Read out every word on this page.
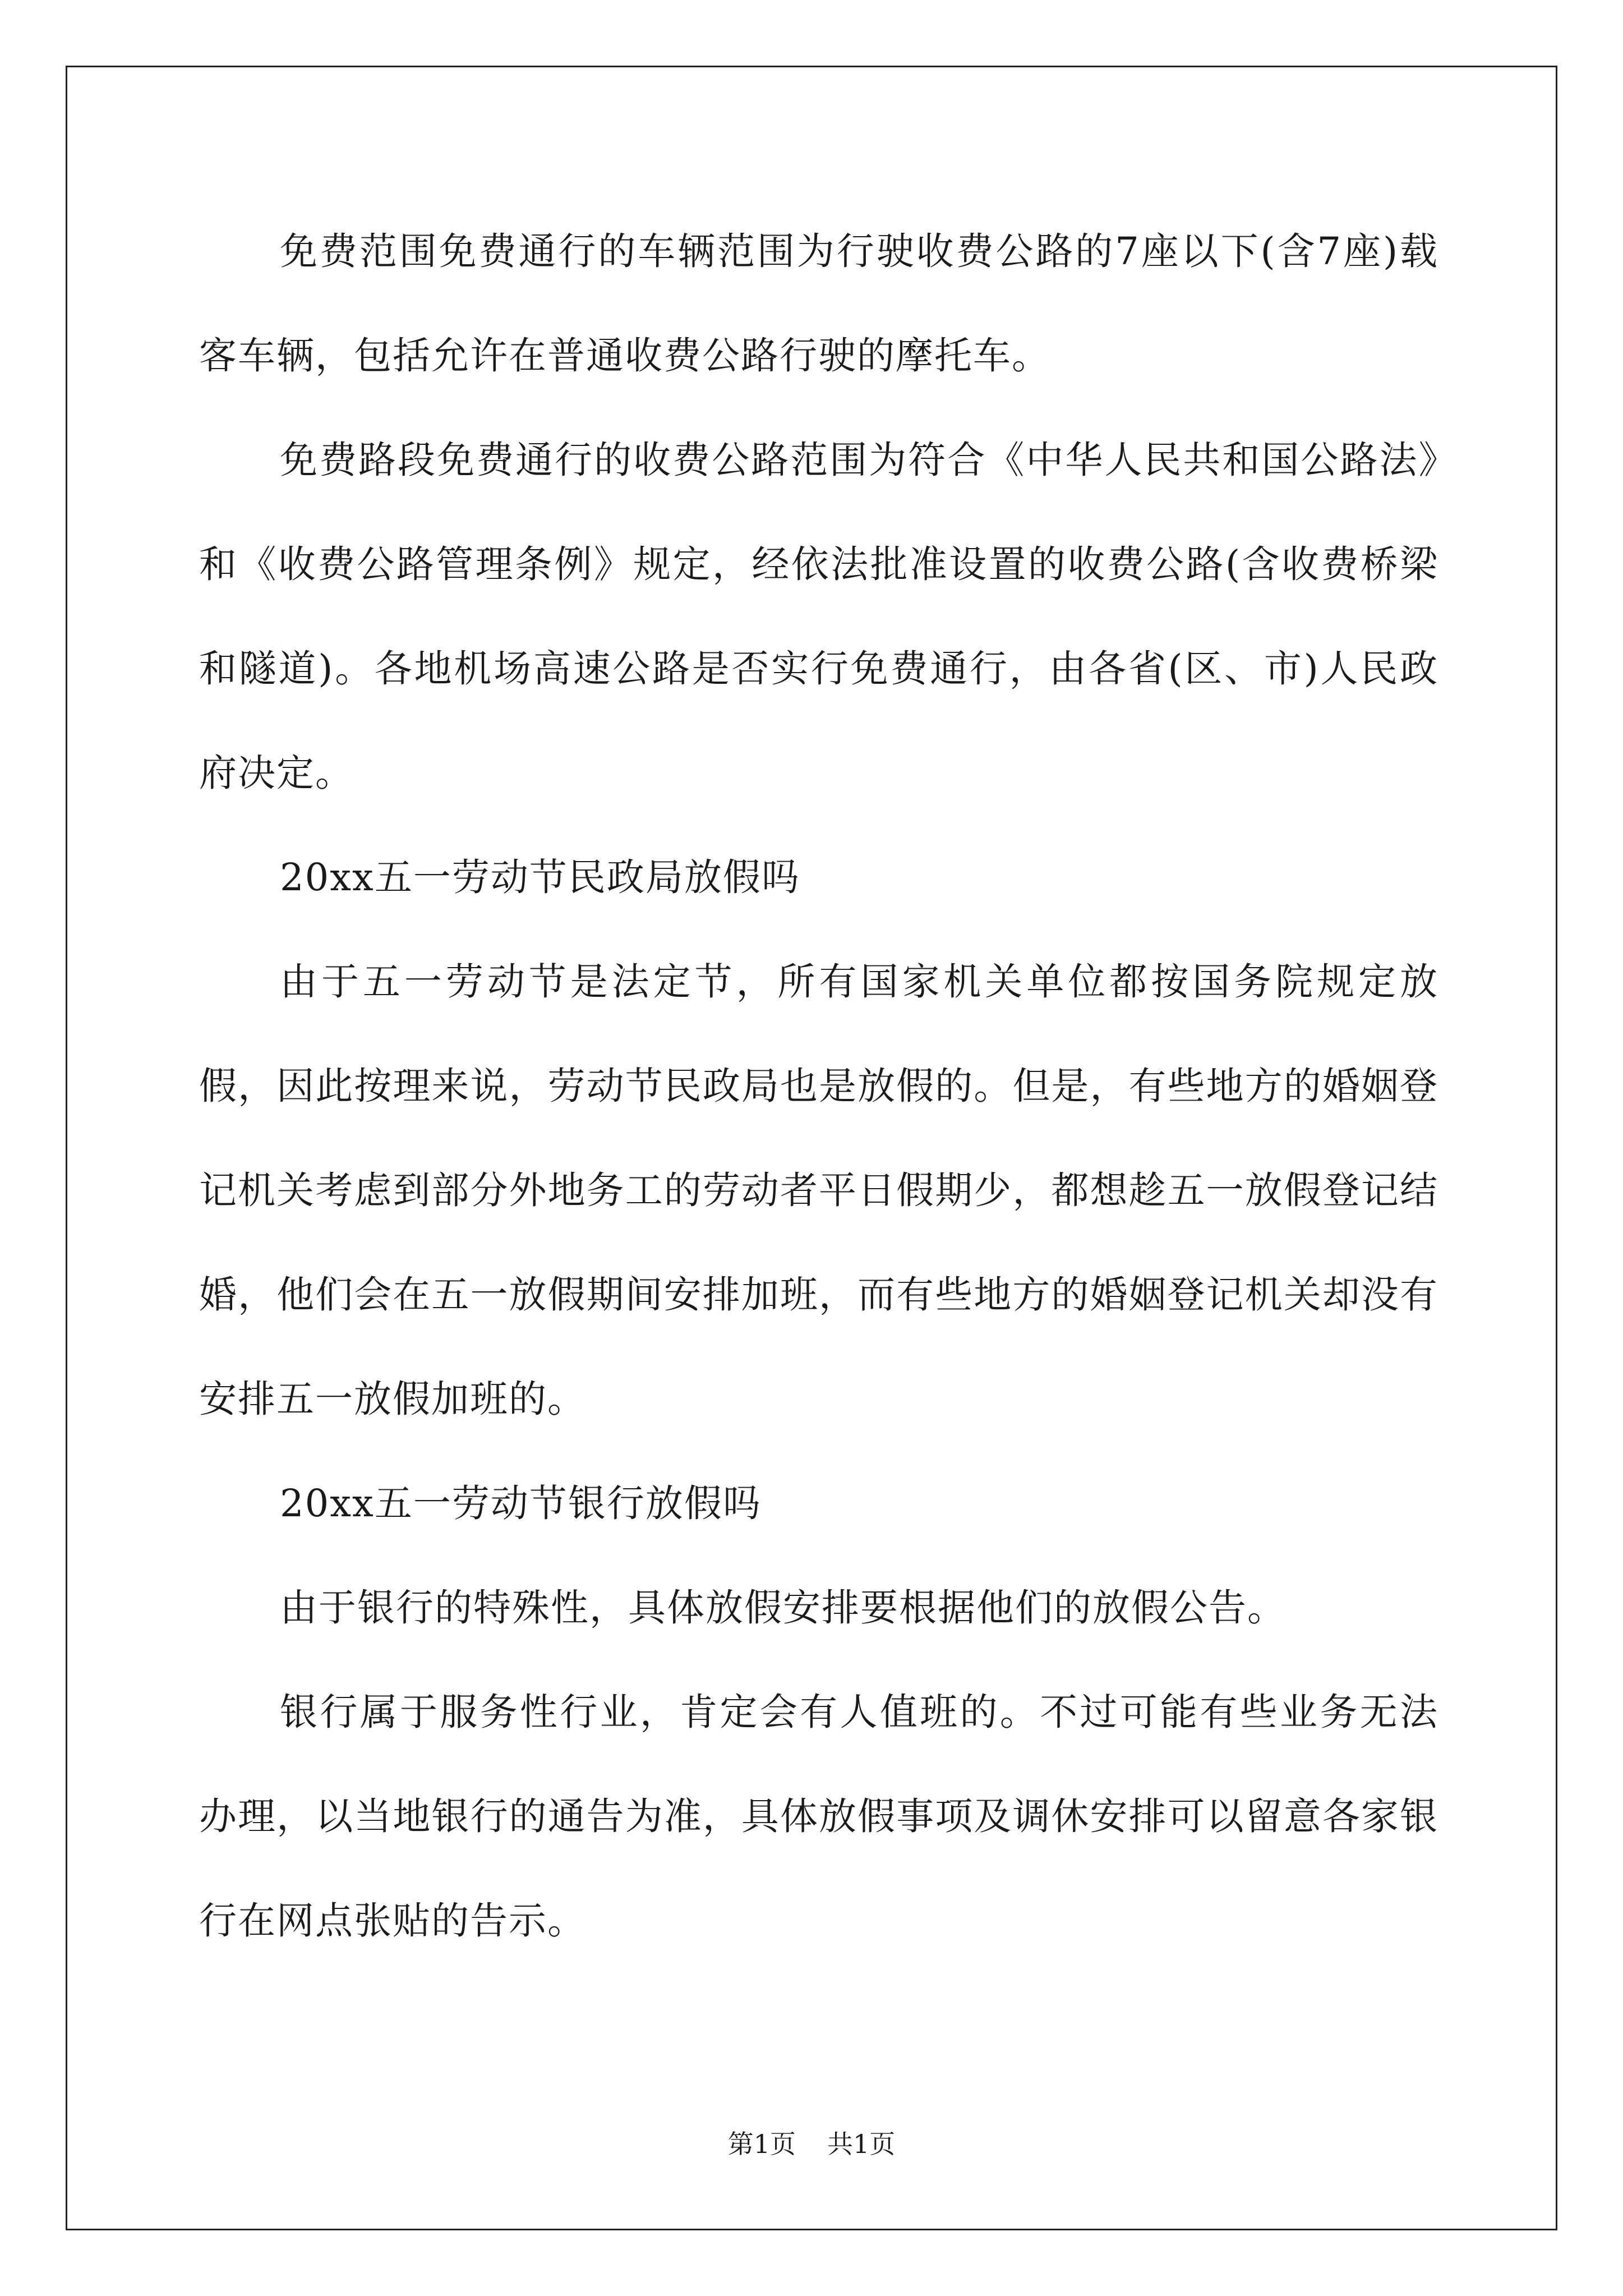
免费范围免费通行的车辆范围为行驶收费公路的7座以下(含7座)载客车辆，包括允许在普通收费公路行驶的摩托车。

免费路段免费通行的收费公路范围为符合《中华人民共和国公路法》和《收费公路管理条例》规定，经依法批准设置的收费公路(含收费桥梁和隧道)。各地机场高速公路是否实行免费通行，由各省(区、市)人民政府决定。

20xx五一劳动节民政局放假吗

由于五一劳动节是法定节，所有国家机关单位都按国务院规定放假，因此按理来说，劳动节民政局也是放假的。但是，有些地方的婚姻登记机关考虑到部分外地务工的劳动者平日假期少，都想趁五一放假登记结婚，他们会在五一放假期间安排加班，而有些地方的婚姻登记机关却没有安排五一放假加班的。

20xx五一劳动节银行放假吗

由于银行的特殊性，具体放假安排要根据他们的放假公告。

银行属于服务性行业，肯定会有人值班的。不过可能有些业务无法办理，以当地银行的通告为准，具体放假事项及调休安排可以留意各家银行在网点张贴的告示。

第1页 共1页
